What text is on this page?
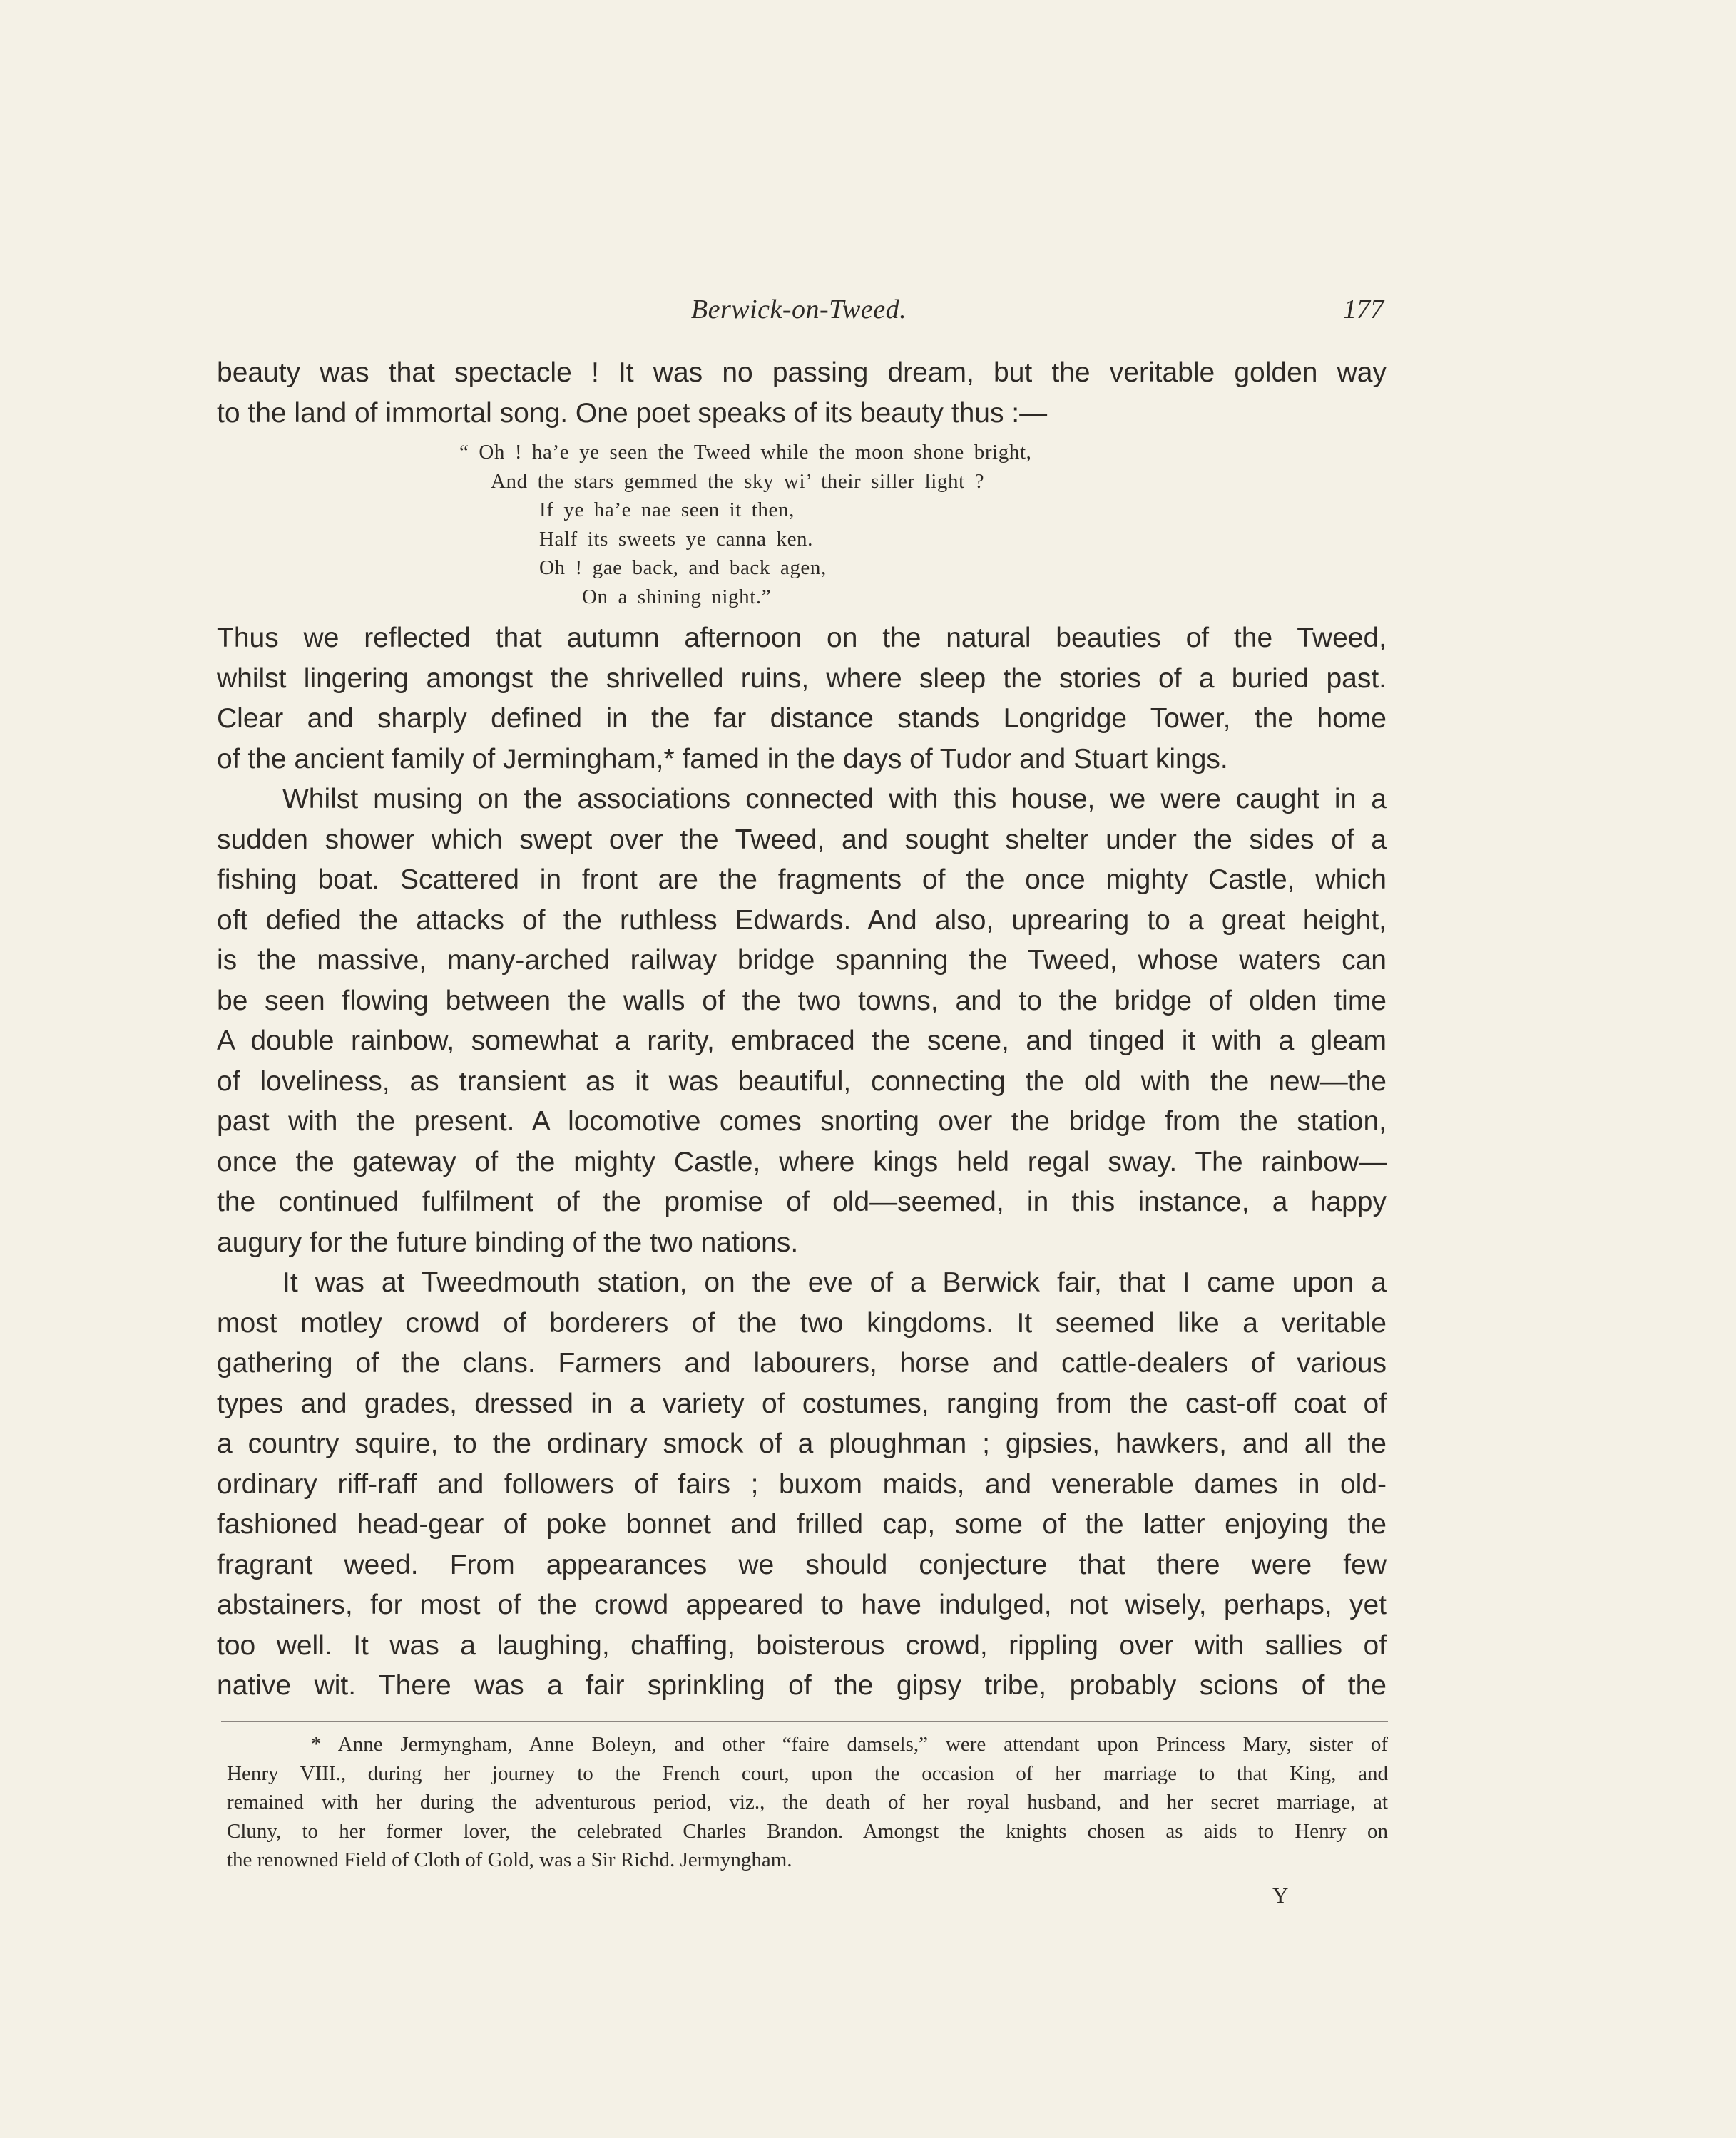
Berwick-on-Tweed.	177
beauty was that spectacle ! It was no passing dream, but the veritable golden way
to the land of immortal song. One poet speaks of its beauty thus :—
“ Oh ! ha’e ye seen the Tweed while the moon shone bright,
And the stars gemmed the sky wi’ their siller light ?
If ye ha’e nae seen it then,
Half its sweets ye canna ken.
Oh ! gae back, and back agen,
On a shining night.”
Thus we reflected that autumn afternoon on the natural beauties of the Tweed,
whilst lingering amongst the shrivelled ruins, where sleep the stories of a buried past.
Clear and sharply defined in the far distance stands Longridge Tower, the home
of the ancient family of Jermingham,* famed in the days of Tudor and Stuart kings.
Whilst musing on the associations connected with this house, we were caught in a
sudden shower which swept over the Tweed, and sought shelter under the sides of a
fishing boat. Scattered in front are the fragments of the once mighty Castle, which
oft defied the attacks of the ruthless Edwards. And also, uprearing to a great height,
is the massive, many-arched railway bridge spanning the Tweed, whose waters can
be seen flowing between the walls of the two towns, and to the bridge of olden time
A double rainbow, somewhat a rarity, embraced the scene, and tinged it with a gleam
of loveliness, as transient as it was beautiful, connecting the old with the new—the
past with the present. A locomotive comes snorting over the bridge from the station,
once the gateway of the mighty Castle, where kings held regal sway. The rainbow—
the continued fulfilment of the promise of old—seemed, in this instance, a happy
augury for the future binding of the two nations.
It was at Tweedmouth station, on the eve of a Berwick fair, that I came upon a
most motley crowd of borderers of the two kingdoms. It seemed like a veritable
gathering of the clans. Farmers and labourers, horse and cattle-dealers of various
types and grades, dressed in a variety of costumes, ranging from the cast-off coat of
a country squire, to the ordinary smock of a ploughman ; gipsies, hawkers, and all the
ordinary riff-raff and followers of fairs ; buxom maids, and venerable dames in old-
fashioned head-gear of poke bonnet and frilled cap, some of the latter enjoying the
fragrant weed. From appearances we should conjecture that there were few
abstainers, for most of the crowd appeared to have indulged, not wisely, perhaps, yet
too well. It was a laughing, chaffing, boisterous crowd, rippling over with sallies of
native wit. There was a fair sprinkling of the gipsy tribe, probably scions of the
* Anne Jermyngham, Anne Boleyn, and other “faire damsels,” were attendant upon Princess Mary, sister of
Henry VIII., during her journey to the French court, upon the occasion of her marriage to that King, and
remained with her during the adventurous period, viz., the death of her royal husband, and her secret marriage, at
Cluny, to her former lover, the celebrated Charles Brandon. Amongst the knights chosen as aids to Henry on
the renowned Field of Cloth of Gold, was a Sir Richd. Jermyngham.
Y
